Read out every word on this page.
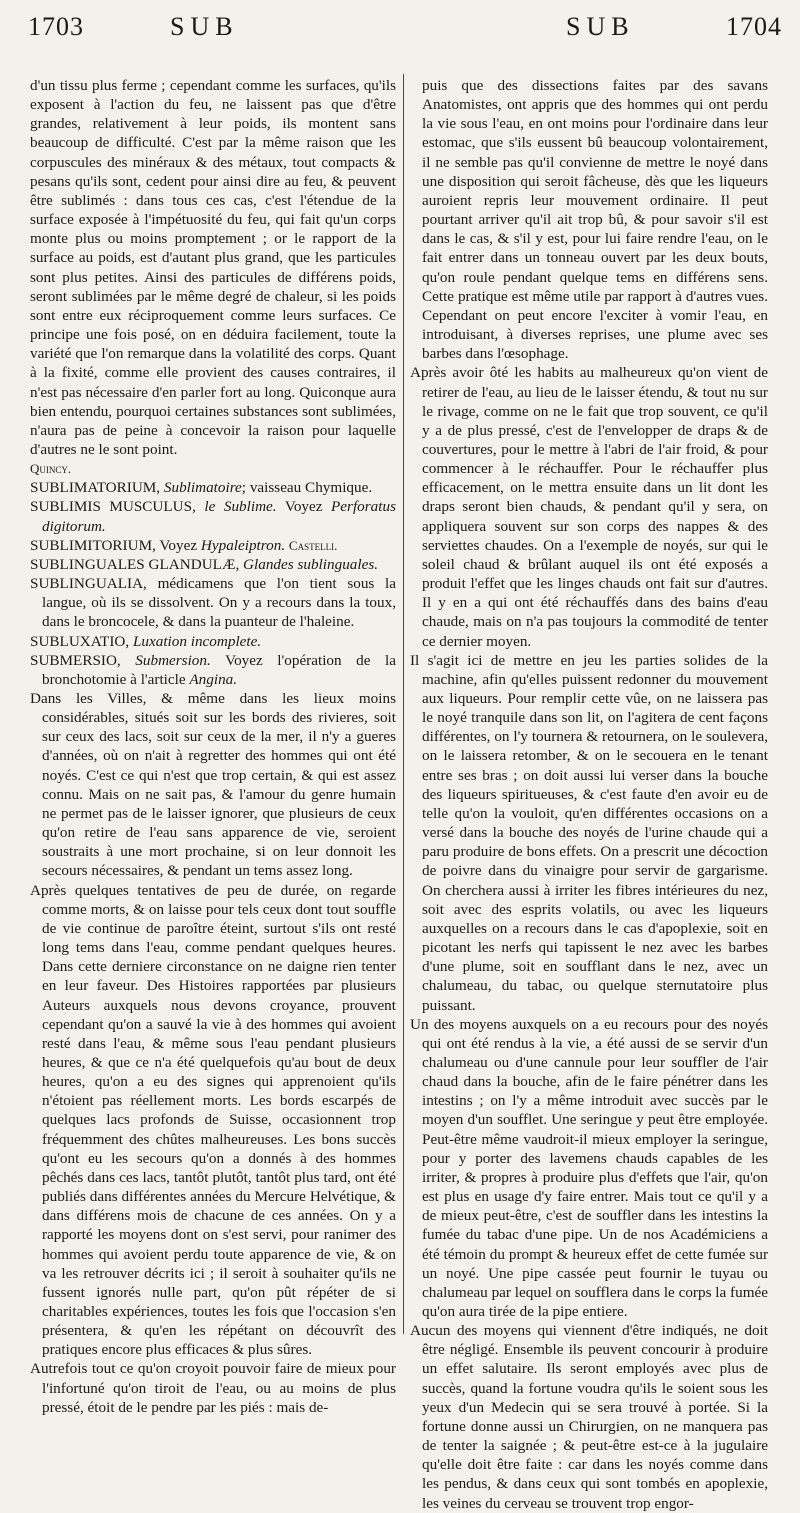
1703	SUB	SUB	1704

d'un tissu plus ferme ; cependant comme les surfaces, qu'ils exposent à l'action du feu, ne laissent pas que d'être grandes, relativement à leur poids, ils montent sans beaucoup de difficulté. C'est par la même raison que les corpuscules des minéraux & des métaux, tout compacts & pesans qu'ils sont, cedent pour ainsi dire au feu, & peuvent être sublimés : dans tous ces cas, c'est l'étendue de la surface exposée à l'impétuosité du feu, qui fait qu'un corps monte plus ou moins promptement ; or le rapport de la surface au poids, est d'autant plus grand, que les particules sont plus petites. Ainsi des particules de différens poids, seront sublimées par le même degré de chaleur, si les poids sont entre eux réciproquement comme leurs surfaces. Ce principe une fois posé, on en déduira facilement, toute la variété que l'on remarque dans la volatilité des corps. Quant à la fixité, comme elle provient des causes contraires, il n'est pas nécessaire d'en parler fort au long. Quiconque aura bien entendu, pourquoi certaines substances sont sublimées, n'aura pas de peine à concevoir la raison pour laquelle d'autres ne le sont point.
Quincy.

SUBLIMATORIUM, Sublimatoire; vaisseau Chymique.

SUBLIMIS MUSCULUS, le Sublime. Voyez Perforatus digitorum.

SUBLIMITORIUM, Voyez Hypaleiptron. Castelli.

SUBLINGUALES GLANDULÆ, Glandes sublinguales.

SUBLINGUALIA, médicamens que l'on tient sous la langue, où ils se dissolvent. On y a recours dans la toux, dans le broncocele, & dans la puanteur de l'haleine.

SUBLUXATIO, Luxation incomplete.

SUBMERSIO, Submersion. Voyez l'opération de la bronchotomie à l'article Angina.

Dans les Villes, & même dans les lieux moins considérables, situés soit sur les bords des rivieres, soit sur ceux des lacs, soit sur ceux de la mer, il n'y a gueres d'années, où on n'ait à regretter des hommes qui ont été noyés. C'est ce qui n'est que trop certain, & qui est assez connu. Mais on ne sait pas, & l'amour du genre humain ne permet pas de le laisser ignorer, que plusieurs de ceux qu'on retire de l'eau sans apparence de vie, seroient soustraits à une mort prochaine, si on leur donnoit les secours nécessaires, & pendant un tems assez long.

Après quelques tentatives de peu de durée, on regarde comme morts, & on laisse pour tels ceux dont tout souffle de vie continue de paroître éteint, surtout s'ils ont resté long tems dans l'eau, comme pendant quelques heures. Dans cette derniere circonstance on ne daigne rien tenter en leur faveur. Des Histoires rapportées par plusieurs Auteurs auxquels nous devons croyance, prouvent cependant qu'on a sauvé la vie à des hommes qui avoient resté dans l'eau, & même sous l'eau pendant plusieurs heures, & que ce n'a été quelquefois qu'au bout de deux heures, qu'on a eu des signes qui apprenoient qu'ils n'étoient pas réellement morts. Les bords escarpés de quelques lacs profonds de Suisse, occasionnent trop fréquemment des chûtes malheureuses. Les bons succès qu'ont eu les secours qu'on a donnés à des hommes pêchés dans ces lacs, tantôt plutôt, tantôt plus tard, ont été publiés dans différentes années du Mercure Helvétique, & dans différens mois de chacune de ces années. On y a rapporté les moyens dont on s'est servi, pour ranimer des hommes qui avoient perdu toute apparence de vie, & on va les retrouver décrits ici ; il seroit à souhaiter qu'ils ne fussent ignorés nulle part, qu'on pût répéter de si charitables expériences, toutes les fois que l'occasion s'en présentera, & qu'en les répétant on découvrît des pratiques encore plus efficaces & plus sûres.

Autrefois tout ce qu'on croyoit pouvoir faire de mieux pour l'infortuné qu'on tiroit de l'eau, ou au moins de plus pressé, étoit de le pendre par les piés : mais de-

puis que des dissections faites par des savans Anatomistes, ont appris que des hommes qui ont perdu la vie sous l'eau, en ont moins pour l'ordinaire dans leur estomac, que s'ils eussent bû beaucoup volontairement, il ne semble pas qu'il convienne de mettre le noyé dans une disposition qui seroit fâcheuse, dès que les liqueurs auroient repris leur mouvement ordinaire. Il peut pourtant arriver qu'il ait trop bû, & pour savoir s'il est dans le cas, & s'il y est, pour lui faire rendre l'eau, on le fait entrer dans un tonneau ouvert par les deux bouts, qu'on roule pendant quelque tems en différens sens. Cette pratique est même utile par rapport à d'autres vues. Cependant on peut encore l'exciter à vomir l'eau, en introduisant, à diverses reprises, une plume avec ses barbes dans l'œsophage.

Après avoir ôté les habits au malheureux qu'on vient de retirer de l'eau, au lieu de le laisser étendu, & tout nu sur le rivage, comme on ne le fait que trop souvent, ce qu'il y a de plus pressé, c'est de l'envelopper de draps & de couvertures, pour le mettre à l'abri de l'air froid, & pour commencer à le réchauffer. Pour le réchauffer plus efficacement, on le mettra ensuite dans un lit dont les draps seront bien chauds, & pendant qu'il y sera, on appliquera souvent sur son corps des nappes & des serviettes chaudes. On a l'exemple de noyés, sur qui le soleil chaud & brûlant auquel ils ont été exposés a produit l'effet que les linges chauds ont fait sur d'autres. Il y en a qui ont été réchauffés dans des bains d'eau chaude, mais on n'a pas toujours la commodité de tenter ce dernier moyen.

Il s'agit ici de mettre en jeu les parties solides de la machine, afin qu'elles puissent redonner du mouvement aux liqueurs. Pour remplir cette vûe, on ne laissera pas le noyé tranquile dans son lit, on l'agitera de cent façons différentes, on l'y tournera & retournera, on le soulevera, on le laissera retomber, & on le secouera en le tenant entre ses bras ; on doit aussi lui verser dans la bouche des liqueurs spiritueuses, & c'est faute d'en avoir eu de telle qu'on la vouloit, qu'en différentes occasions on a versé dans la bouche des noyés de l'urine chaude qui a paru produire de bons effets. On a prescrit une décoction de poivre dans du vinaigre pour servir de gargarisme. On cherchera aussi à irriter les fibres intérieures du nez, soit avec des esprits volatils, ou avec les liqueurs auxquelles on a recours dans le cas d'apoplexie, soit en picotant les nerfs qui tapissent le nez avec les barbes d'une plume, soit en soufflant dans le nez, avec un chalumeau, du tabac, ou quelque sternutatoire plus puissant.

Un des moyens auxquels on a eu recours pour des noyés qui ont été rendus à la vie, a été aussi de se servir d'un chalumeau ou d'une cannule pour leur souffler de l'air chaud dans la bouche, afin de le faire pénétrer dans les intestins ; on l'y a même introduit avec succès par le moyen d'un soufflet. Une seringue y peut être employée. Peut-être même vaudroit-il mieux employer la seringue, pour y porter des lavemens chauds capables de les irriter, & propres à produire plus d'effets que l'air, qu'on est plus en usage d'y faire entrer. Mais tout ce qu'il y a de mieux peut-être, c'est de souffler dans les intestins la fumée du tabac d'une pipe. Un de nos Académiciens a été témoin du prompt & heureux effet de cette fumée sur un noyé. Une pipe cassée peut fournir le tuyau ou chalumeau par lequel on soufflera dans le corps la fumée qu'on aura tirée de la pipe entiere.

Aucun des moyens qui viennent d'être indiqués, ne doit être négligé. Ensemble ils peuvent concourir à produire un effet salutaire. Ils seront employés avec plus de succès, quand la fortune voudra qu'ils le soient sous les yeux d'un Medecin qui se sera trouvé à portée. Si la fortune donne aussi un Chirurgien, on ne manquera pas de tenter la saignée ; & peut-être est-ce à la jugulaire qu'elle doit être faite : car dans les noyés comme dans les pendus, & dans ceux qui sont tombés en apoplexie, les veines du cerveau se trouvent trop engor-
